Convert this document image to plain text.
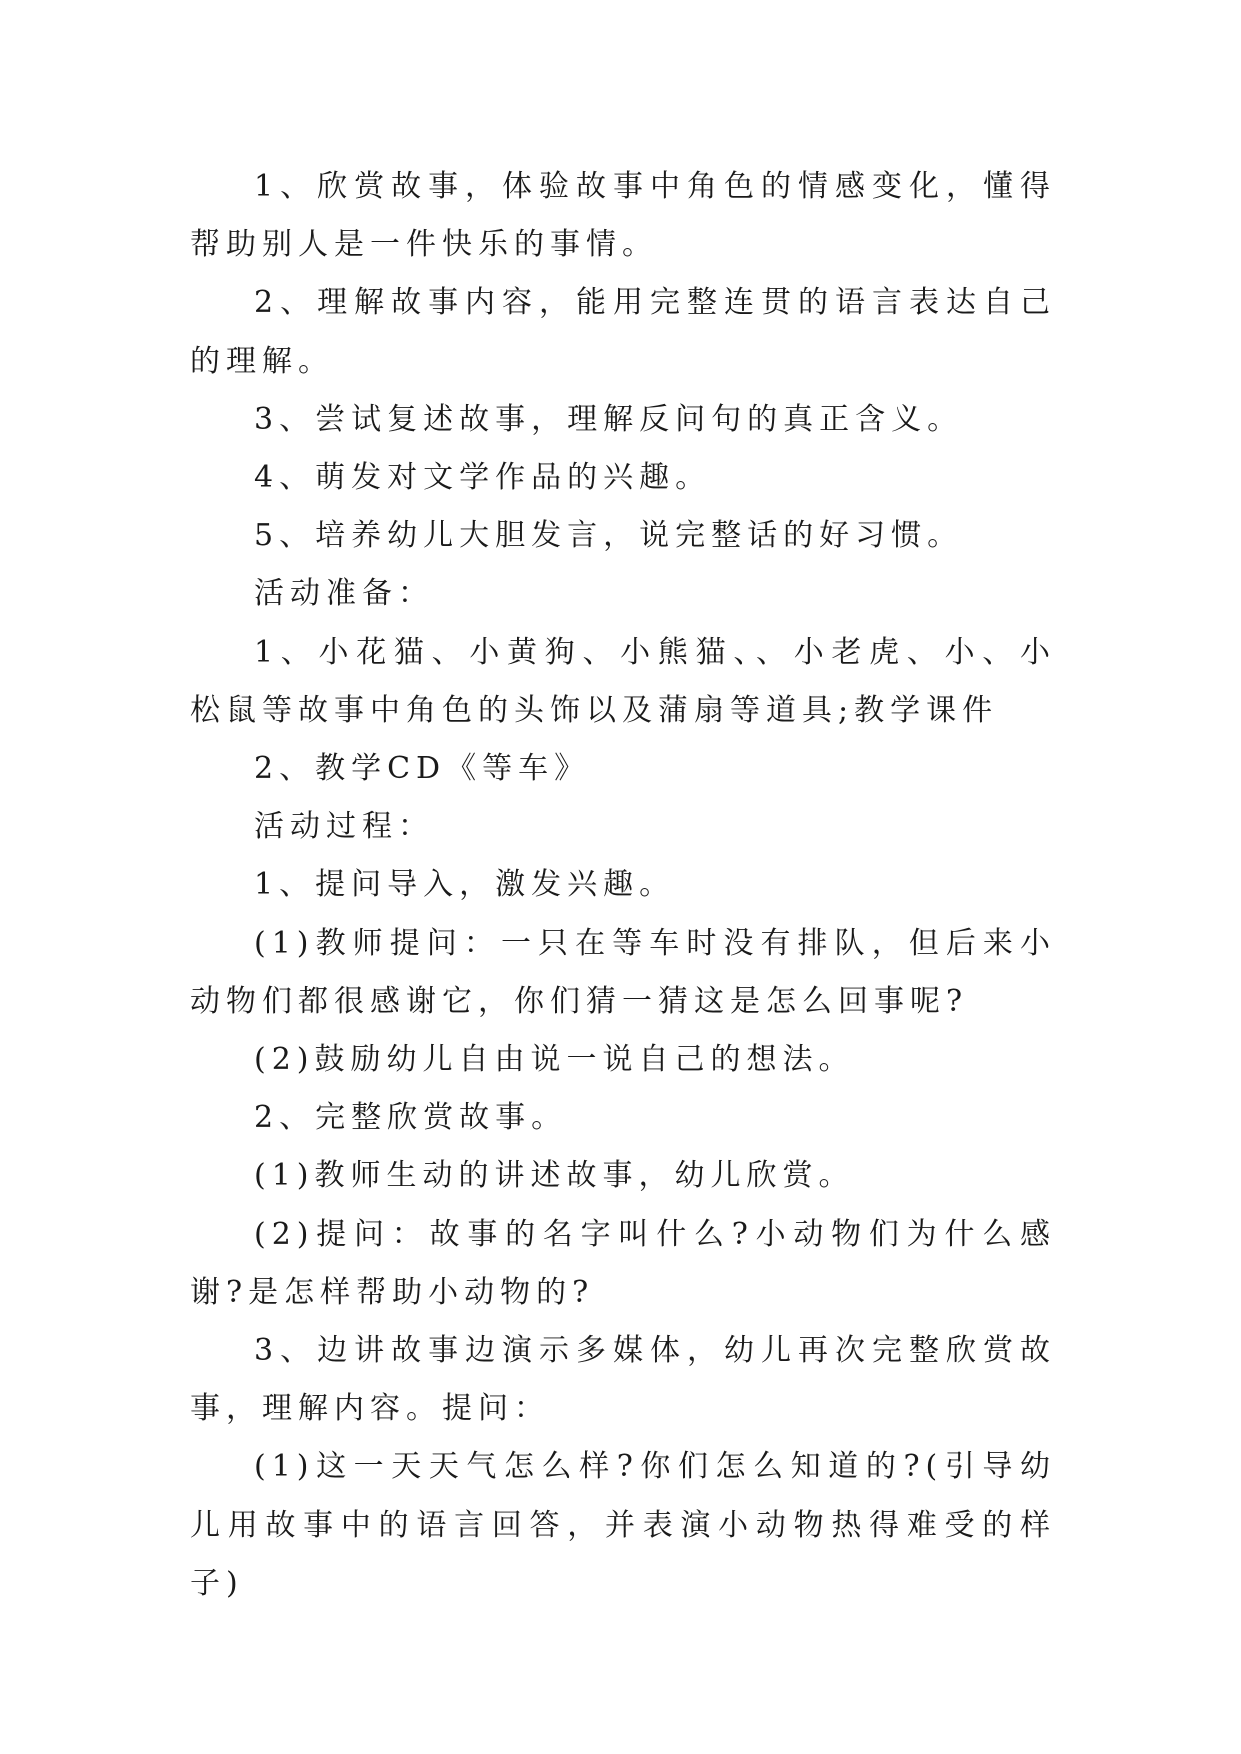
1、欣赏故事，体验故事中角色的情感变化，懂得帮助别人是一件快乐的事情。

2、理解故事内容，能用完整连贯的语言表达自己的理解。

3、尝试复述故事，理解反问句的真正含义。

4、萌发对文学作品的兴趣。

5、培养幼儿大胆发言，说完整话的好习惯。

活动准备：

1、小花猫、小黄狗、小熊猫、、小老虎、小、小松鼠等故事中角色的头饰以及蒲扇等道具;教学课件

2、教学CD《等车》

活动过程：

1、提问导入，激发兴趣。

(1)教师提问：一只在等车时没有排队，但后来小动物们都很感谢它，你们猜一猜这是怎么回事呢?

(2)鼓励幼儿自由说一说自己的想法。

2、完整欣赏故事。

(1)教师生动的讲述故事，幼儿欣赏。

(2)提问：故事的名字叫什么?小动物们为什么感谢?是怎样帮助小动物的?

3、边讲故事边演示多媒体，幼儿再次完整欣赏故事，理解内容。提问：

(1)这一天天气怎么样?你们怎么知道的?(引导幼儿用故事中的语言回答，并表演小动物热得难受的样子)
